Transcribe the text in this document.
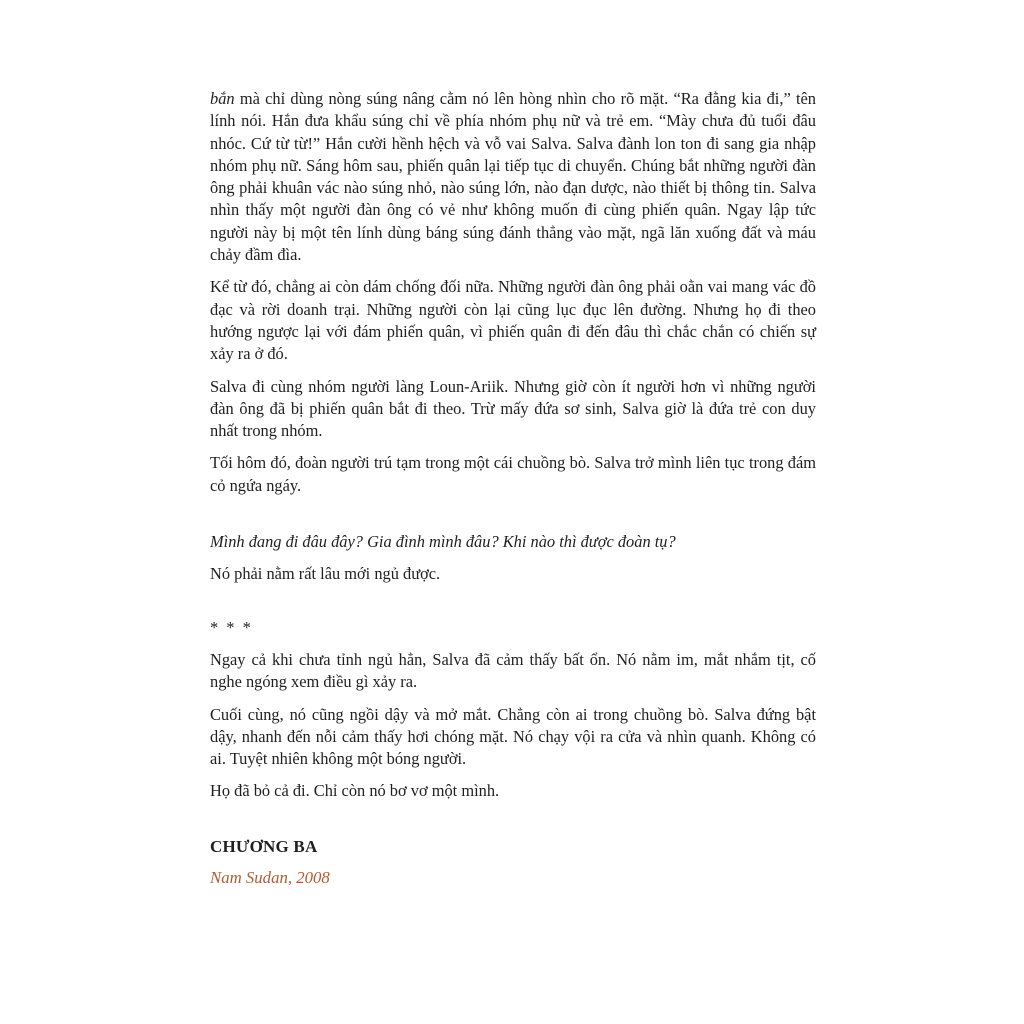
bắn mà chỉ dùng nòng súng nâng cằm nó lên hòng nhìn cho rõ mặt. “Ra đằng kia đi,” tên lính nói. Hắn đưa khẩu súng chỉ về phía nhóm phụ nữ và trẻ em. “Mày chưa đủ tuổi đâu nhóc. Cứ từ từ!” Hắn cười hềnh hệch và vỗ vai Salva. Salva đành lon ton đi sang gia nhập nhóm phụ nữ. Sáng hôm sau, phiến quân lại tiếp tục di chuyển. Chúng bắt những người đàn ông phải khuân vác nào súng nhỏ, nào súng lớn, nào đạn dược, nào thiết bị thông tin. Salva nhìn thấy một người đàn ông có vẻ như không muốn đi cùng phiến quân. Ngay lập tức người này bị một tên lính dùng báng súng đánh thẳng vào mặt, ngã lăn xuống đất và máu chảy đầm đìa.

Kể từ đó, chẳng ai còn dám chống đối nữa. Những người đàn ông phải oằn vai mang vác đồ đạc và rời doanh trại. Những người còn lại cũng lục đục lên đường. Nhưng họ đi theo hướng ngược lại với đám phiến quân, vì phiến quân đi đến đâu thì chắc chắn có chiến sự xảy ra ở đó.

Salva đi cùng nhóm người làng Loun-Ariik. Nhưng giờ còn ít người hơn vì những người đàn ông đã bị phiến quân bắt đi theo. Trừ mấy đứa sơ sinh, Salva giờ là đứa trẻ con duy nhất trong nhóm.

Tối hôm đó, đoàn người trú tạm trong một cái chuồng bò. Salva trở mình liên tục trong đám cỏ ngứa ngáy.

Mình đang đi đâu đây? Gia đình mình đâu? Khi nào thì được đoàn tụ?

Nó phải nằm rất lâu mới ngủ được.

* * *

Ngay cả khi chưa tỉnh ngủ hẳn, Salva đã cảm thấy bất ổn. Nó nằm im, mắt nhắm tịt, cố nghe ngóng xem điều gì xảy ra.

Cuối cùng, nó cũng ngồi dậy và mở mắt. Chẳng còn ai trong chuồng bò. Salva đứng bật dậy, nhanh đến nỗi cảm thấy hơi chóng mặt. Nó chạy vội ra cửa và nhìn quanh. Không có ai. Tuyệt nhiên không một bóng người.

Họ đã bỏ cả đi. Chỉ còn nó bơ vơ một mình.

CHƯƠNG BA

Nam Sudan, 2008
